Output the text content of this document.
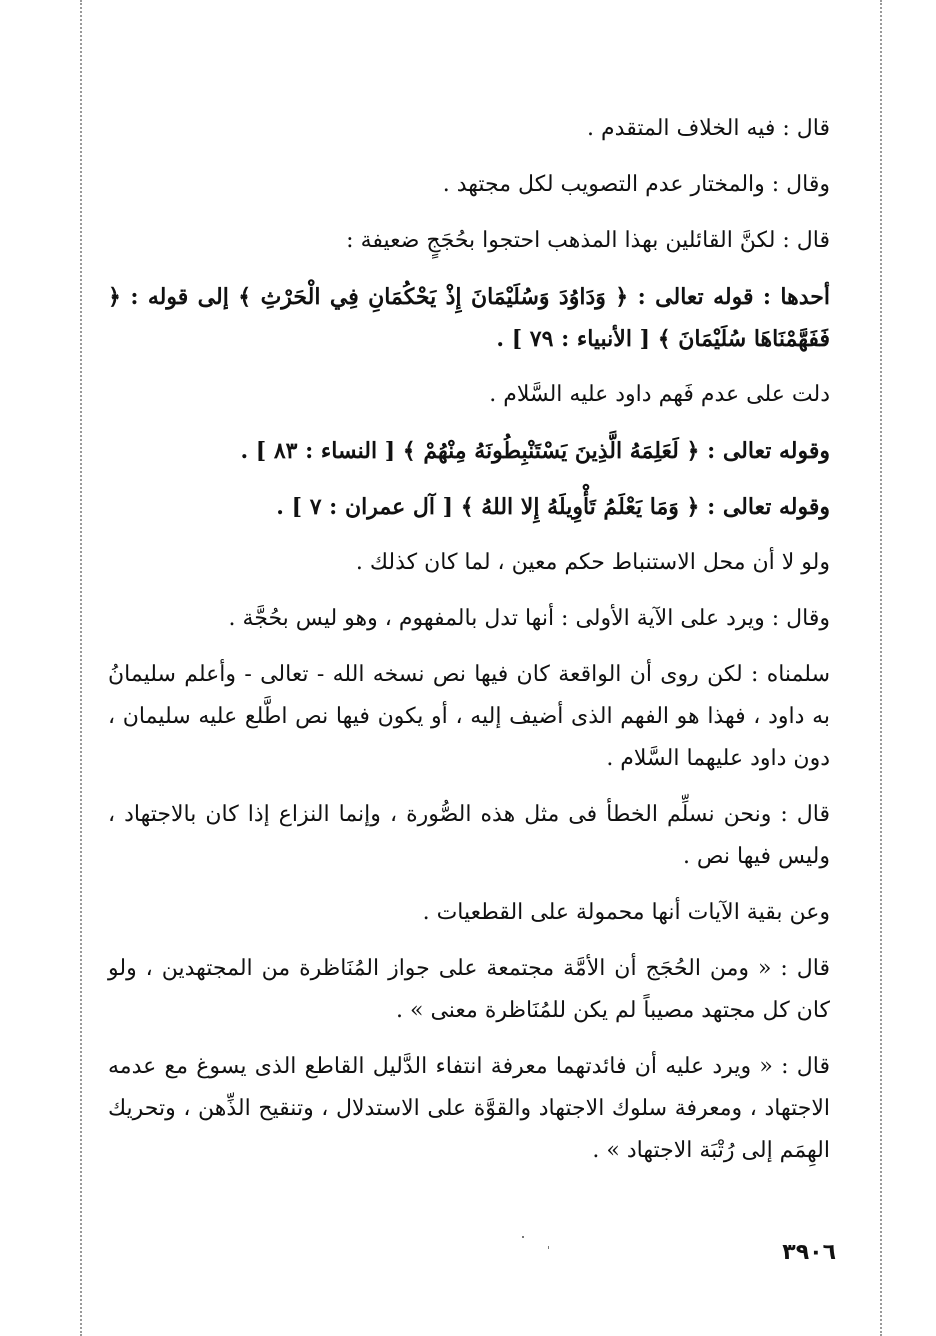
قال : فيه الخلاف المتقدم .

وقال : والمختار عدم التصويب لكل مجتهد .

قال : لكنَّ القائلين بهذا المذهب احتجوا بحُجَجٍ ضعيفة :

أحدها : قوله تعالى : ﴿ وَدَاوُدَ وَسُلَيْمَانَ إِذْ يَحْكُمَانِ فِي الْحَرْثِ ﴾ إلى قوله : ﴿ فَفَهَّمْنَاهَا سُلَيْمَانَ ﴾ [ الأنبياء : ٧٩ ] .

دلت على عدم فَهم داود عليه السَّلام .

وقوله تعالى : ﴿ لَعَلِمَهُ الَّذِينَ يَسْتَنْبِطُونَهُ مِنْهُمْ ﴾ [ النساء : ٨٣ ] .

وقوله تعالى : ﴿ وَمَا يَعْلَمُ تَأْوِيلَهُ إِلا اللهُ ﴾ [ آل عمران : ٧ ] .

ولو لا أن محل الاستنباط حكم معين ، لما كان كذلك .

وقال : ويرد على الآية الأولى : أنها تدل بالمفهوم ، وهو ليس بحُجَّة .

سلمناه : لكن روى أن الواقعة كان فيها نص نسخه الله - تعالى - وأعلم سليمانُ به داود ، فهذا هو الفهم الذى أضيف إليه ، أو يكون فيها نص اطَّلع عليه سليمان ، دون داود عليهما السَّلام .

قال : ونحن نسلِّم الخطأ فى مثل هذه الصُّورة ، وإنما النزاع إذا كان بالاجتهاد ، وليس فيها نص .

وعن بقية الآيات أنها محمولة على القطعيات .

قال : « ومن الحُجَج أن الأمَّة مجتمعة على جواز المُنَاظرة من المجتهدين ، ولو كان كل مجتهد مصيباً لم يكن للمُنَاظرة معنى » .

قال : « ويرد عليه أن فائدتهما معرفة انتفاء الدَّليل القاطع الذى يسوغ مع عدمه الاجتهاد ، ومعرفة سلوك الاجتهاد والقوَّة على الاستدلال ، وتنقيح الذِّهن ، وتحريك الهِمَم إلى رُتْبَة الاجتهاد » .

٣٩٠٦
